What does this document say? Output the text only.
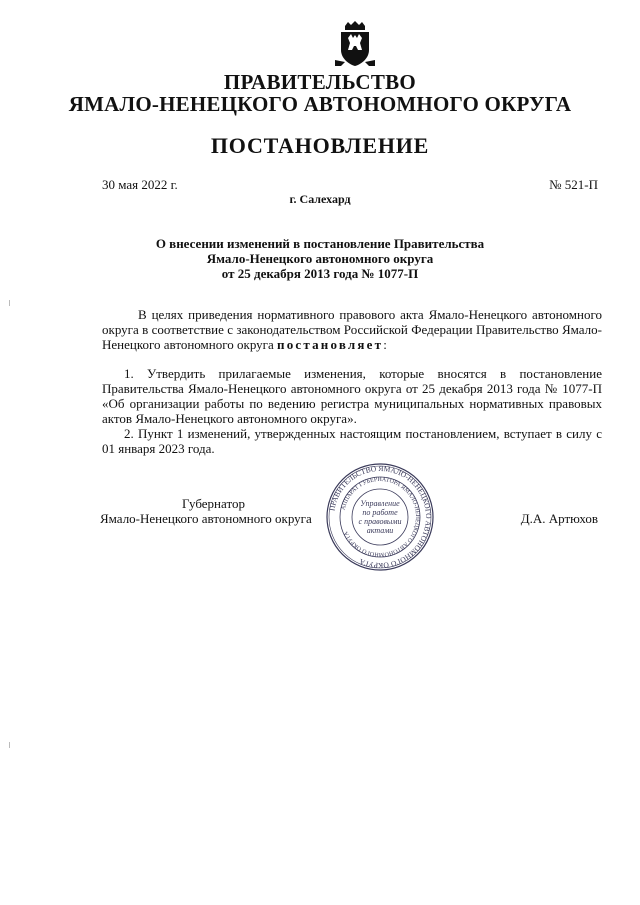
ПРАВИТЕЛЬСТВО
ЯМАЛО-НЕНЕЦКОГО АВТОНОМНОГО ОКРУГА
ПОСТАНОВЛЕНИЕ
30 мая 2022 г.	№ 521-П
г. Салехард
О внесении изменений в постановление Правительства
Ямало-Ненецкого автономного округа
от 25 декабря 2013 года № 1077-П
В целях приведения нормативного правового акта Ямало-Ненецкого автономного округа в соответствие с законодательством Российской Федерации Правительство Ямало-Ненецкого автономного округа постановляет:
1. Утвердить прилагаемые изменения, которые вносятся в постановление Правительства Ямало-Ненецкого автономного округа от 25 декабря 2013 года № 1077-П «Об организации работы по ведению регистра муниципальных нормативных правовых актов Ямало-Ненецкого автономного округа».
2. Пункт 1 изменений, утвержденных настоящим постановлением, вступает в силу с 01 января 2023 года.
Губернатор
Ямало-Ненецкого автономного округа	Д.А. Артюхов
ПРАВИТЕЛЬСТВО ЯМАЛО-НЕНЕЦКОГО АВТОНОМНОГО ОКРУГА
АППАРАТ ГУБЕРНАТОРА ЯМАЛО-НЕНЕЦКОГО АВТОНОМНОГО ОКРУГА
Управление
по работе
с правовыми
актами
